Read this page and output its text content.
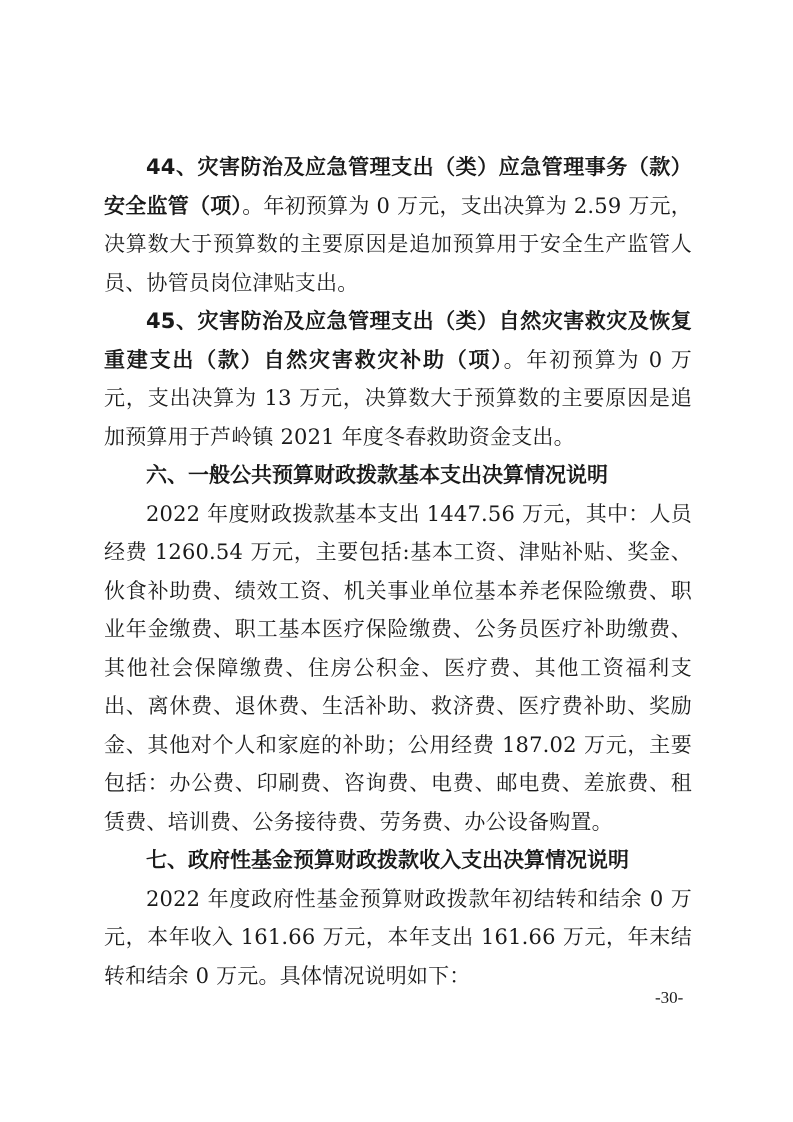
44、灾害防治及应急管理支出（类）应急管理事务（款）安全监管（项）。年初预算为 0 万元，支出决算为 2.59 万元，决算数大于预算数的主要原因是追加预算用于安全生产监管人员、协管员岗位津贴支出。

45、灾害防治及应急管理支出（类）自然灾害救灾及恢复重建支出（款）自然灾害救灾补助（项）。年初预算为 0 万元，支出决算为 13 万元，决算数大于预算数的主要原因是追加预算用于芦岭镇 2021 年度冬春救助资金支出。

六、一般公共预算财政拨款基本支出决算情况说明

2022 年度财政拨款基本支出 1447.56 万元，其中：人员经费 1260.54 万元，主要包括:基本工资、津贴补贴、奖金、伙食补助费、绩效工资、机关事业单位基本养老保险缴费、职业年金缴费、职工基本医疗保险缴费、公务员医疗补助缴费、其他社会保障缴费、住房公积金、医疗费、其他工资福利支出、离休费、退休费、生活补助、救济费、医疗费补助、奖励金、其他对个人和家庭的补助；公用经费 187.02 万元，主要包括：办公费、印刷费、咨询费、电费、邮电费、差旅费、租赁费、培训费、公务接待费、劳务费、办公设备购置。

七、政府性基金预算财政拨款收入支出决算情况说明

2022 年度政府性基金预算财政拨款年初结转和结余 0 万元，本年收入 161.66 万元，本年支出 161.66 万元，年末结转和结余 0 万元。具体情况说明如下：

-30-
